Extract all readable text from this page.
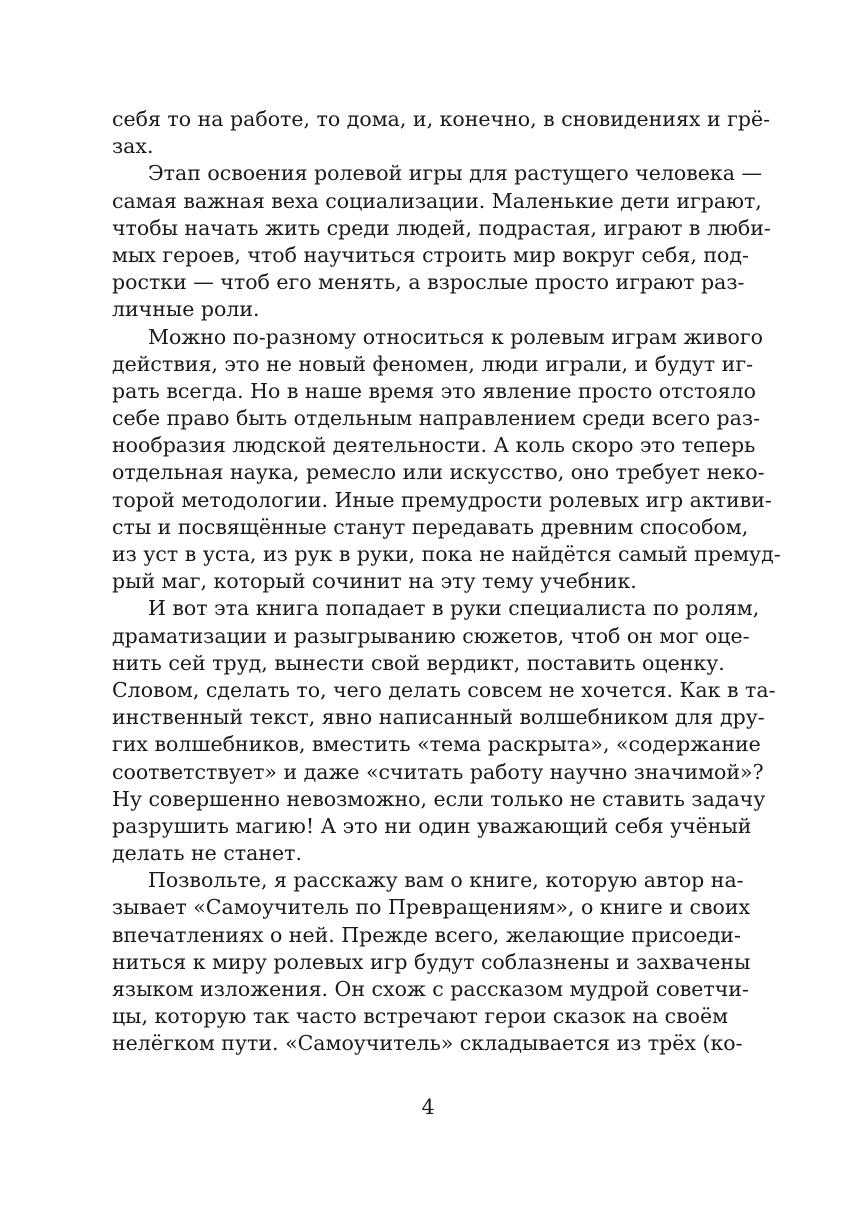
себя то на работе, то дома, и, конечно, в сновидениях и грё-
зах.
Этап освоения ролевой игры для растущего человека —
самая важная веха социализации. Маленькие дети играют,
чтобы начать жить среди людей, подрастая, играют в люби-
мых героев, чтоб научиться строить мир вокруг себя, под-
ростки — чтоб его менять, а взрослые просто играют раз-
личные роли.
Можно по-разному относиться к ролевым играм живого
действия, это не новый феномен, люди играли, и будут иг-
рать всегда. Но в наше время это явление просто отстояло
себе право быть отдельным направлением среди всего раз-
нообразия людской деятельности. А коль скоро это теперь
отдельная наука, ремесло или искусство, оно требует неко-
торой методологии. Иные премудрости ролевых игр активи-
сты и посвящённые станут передавать древним способом,
из уст в уста, из рук в руки, пока не найдётся самый премуд-
рый маг, который сочинит на эту тему учебник.
И вот эта книга попадает в руки специалиста по ролям,
драматизации и разыгрыванию сюжетов, чтоб он мог оце-
нить сей труд, вынести свой вердикт, поставить оценку.
Словом, сделать то, чего делать совсем не хочется. Как в та-
инственный текст, явно написанный волшебником для дру-
гих волшебников, вместить «тема раскрыта», «содержание
соответствует» и даже «считать работу научно значимой»?
Ну совершенно невозможно, если только не ставить задачу
разрушить магию! А это ни один уважающий себя учёный
делать не станет.
Позвольте, я расскажу вам о книге, которую автор на-
зывает «Самоучитель по Превращениям», о книге и своих
впечатлениях о ней. Прежде всего, желающие присоеди-
ниться к миру ролевых игр будут соблазнены и захвачены
языком изложения. Он схож с рассказом мудрой советчи-
цы, которую так часто встречают герои сказок на своём
нелёгком пути. «Самоучитель» складывается из трёх (ко-
4
